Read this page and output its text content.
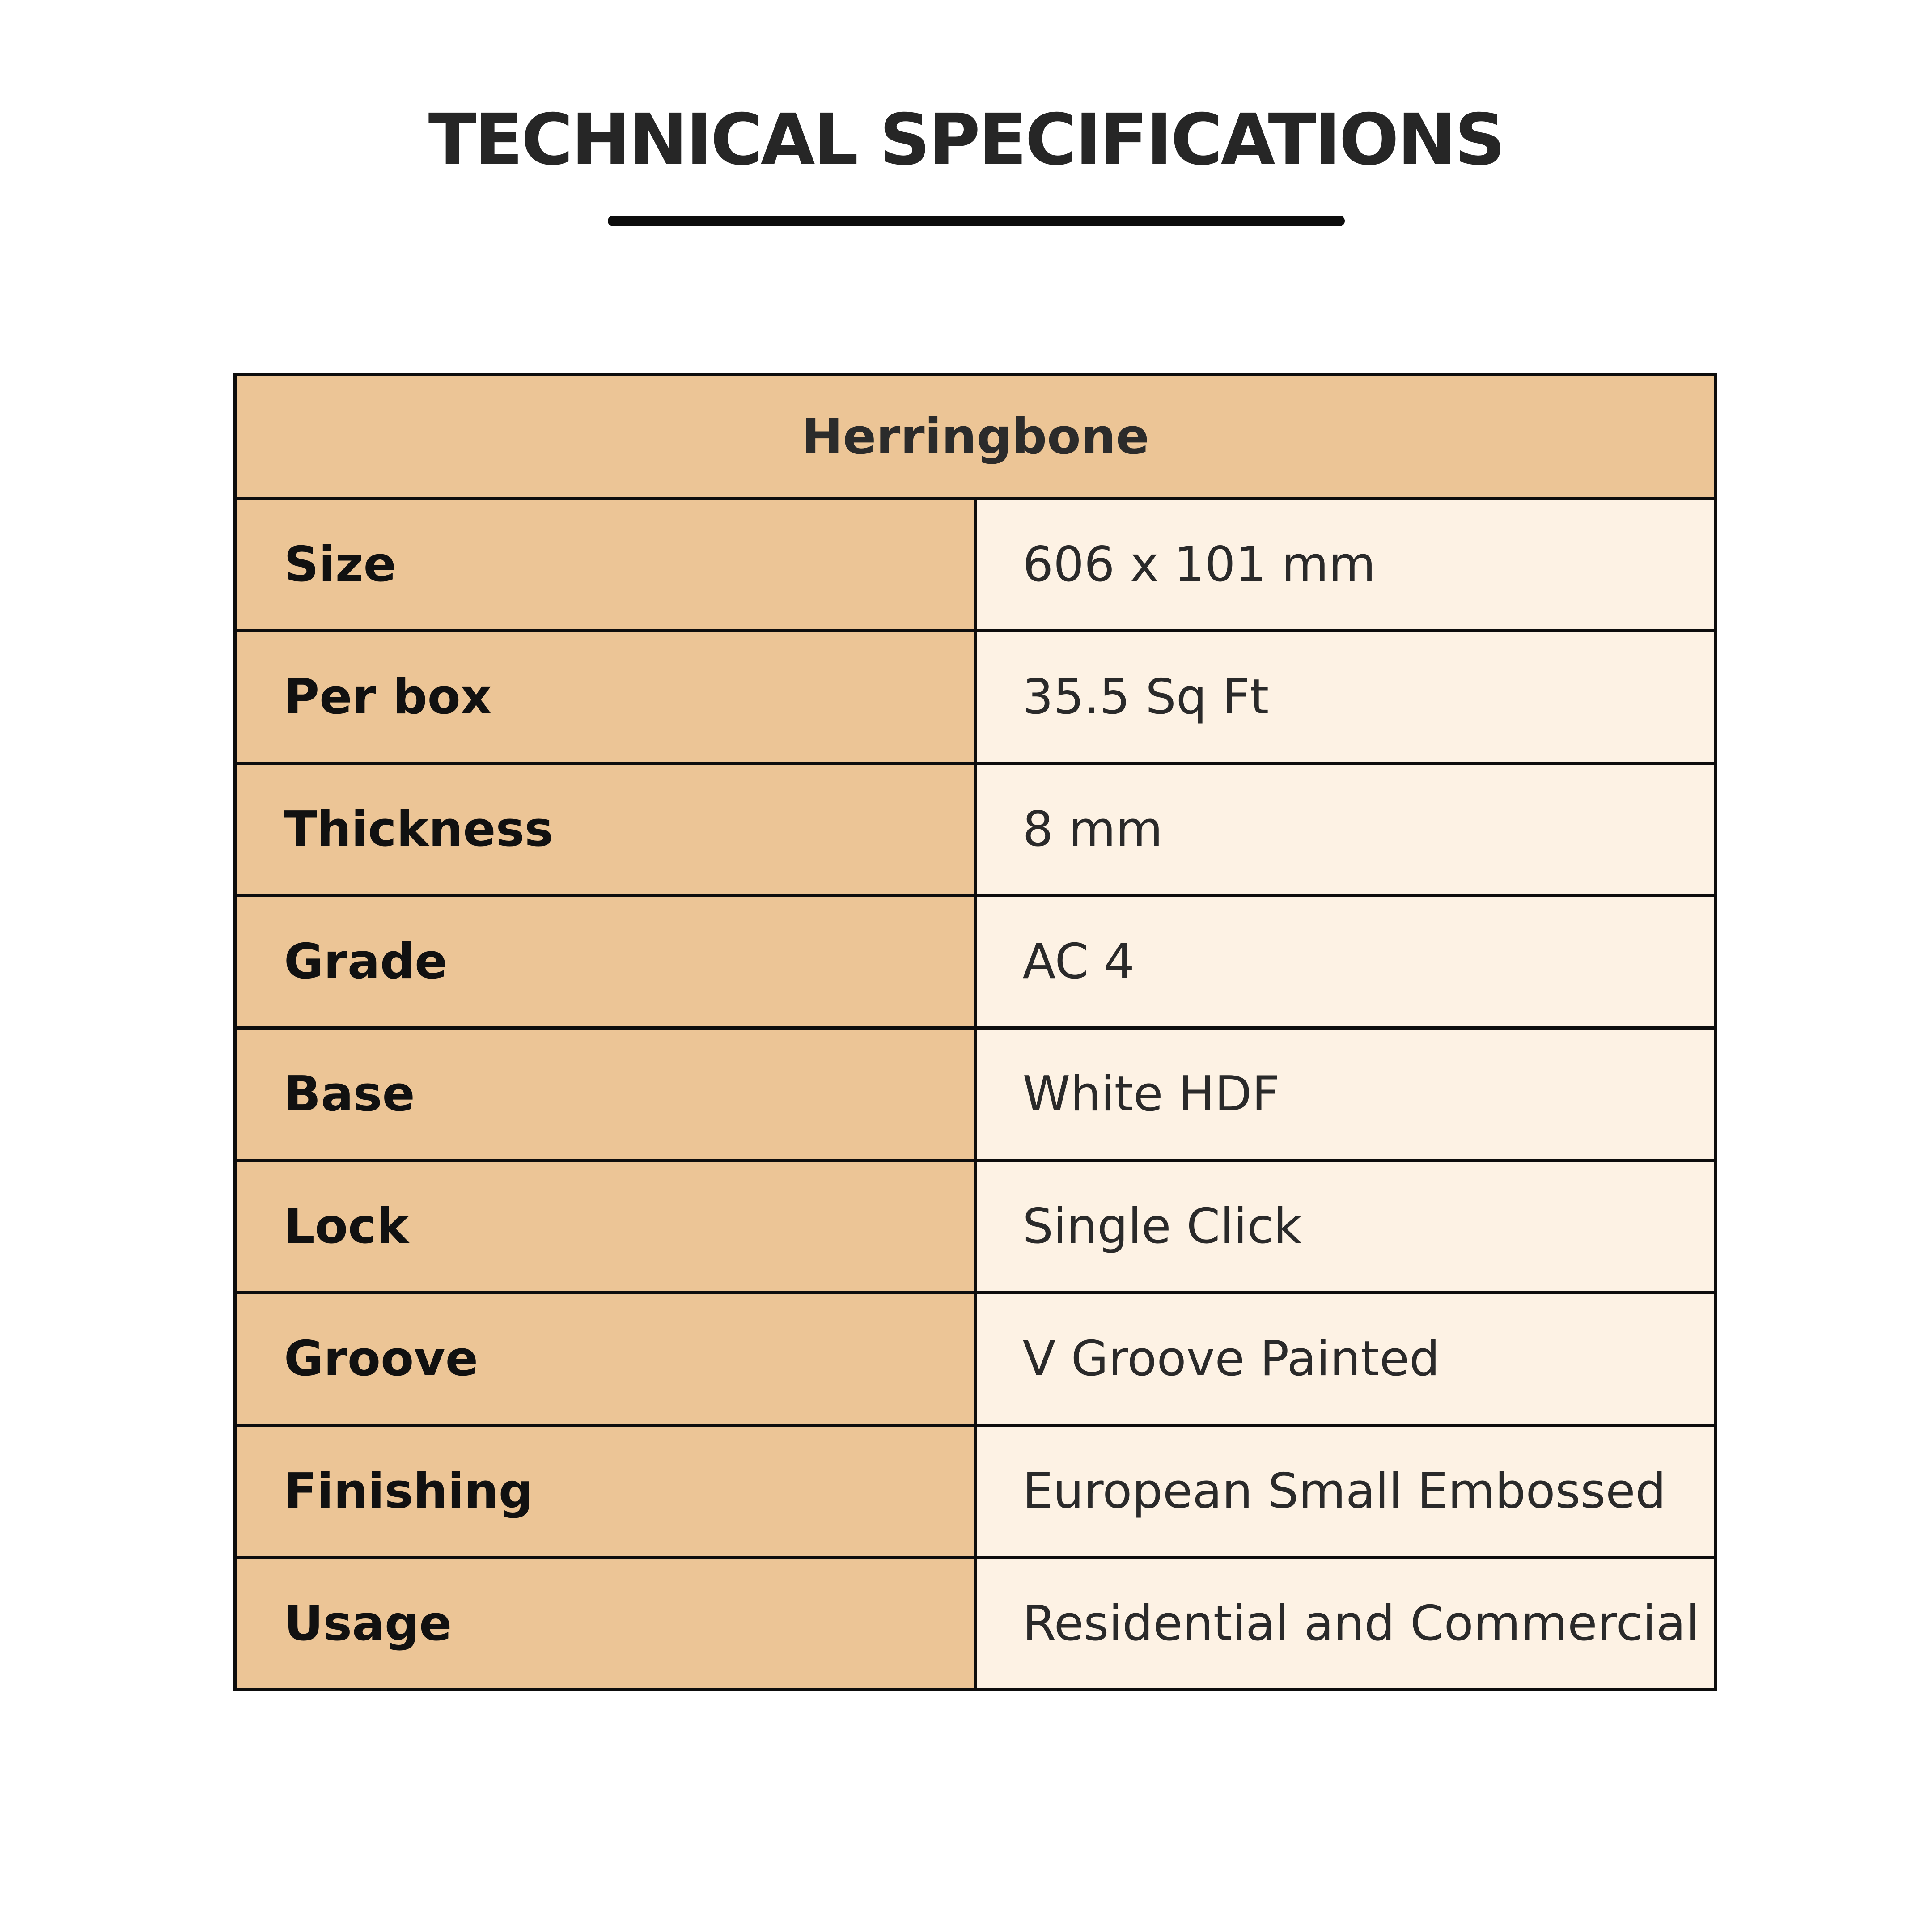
TECHNICAL SPECIFICATIONS
Herringbone	
Size	606 x 101 mm
Per box	35.5 Sq Ft
Thickness	8 mm
Grade	AC 4
Base	White HDF
Lock	Single Click
Groove	V Groove Painted
Finishing	European Small Embossed
Usage	Residential and Commercial
